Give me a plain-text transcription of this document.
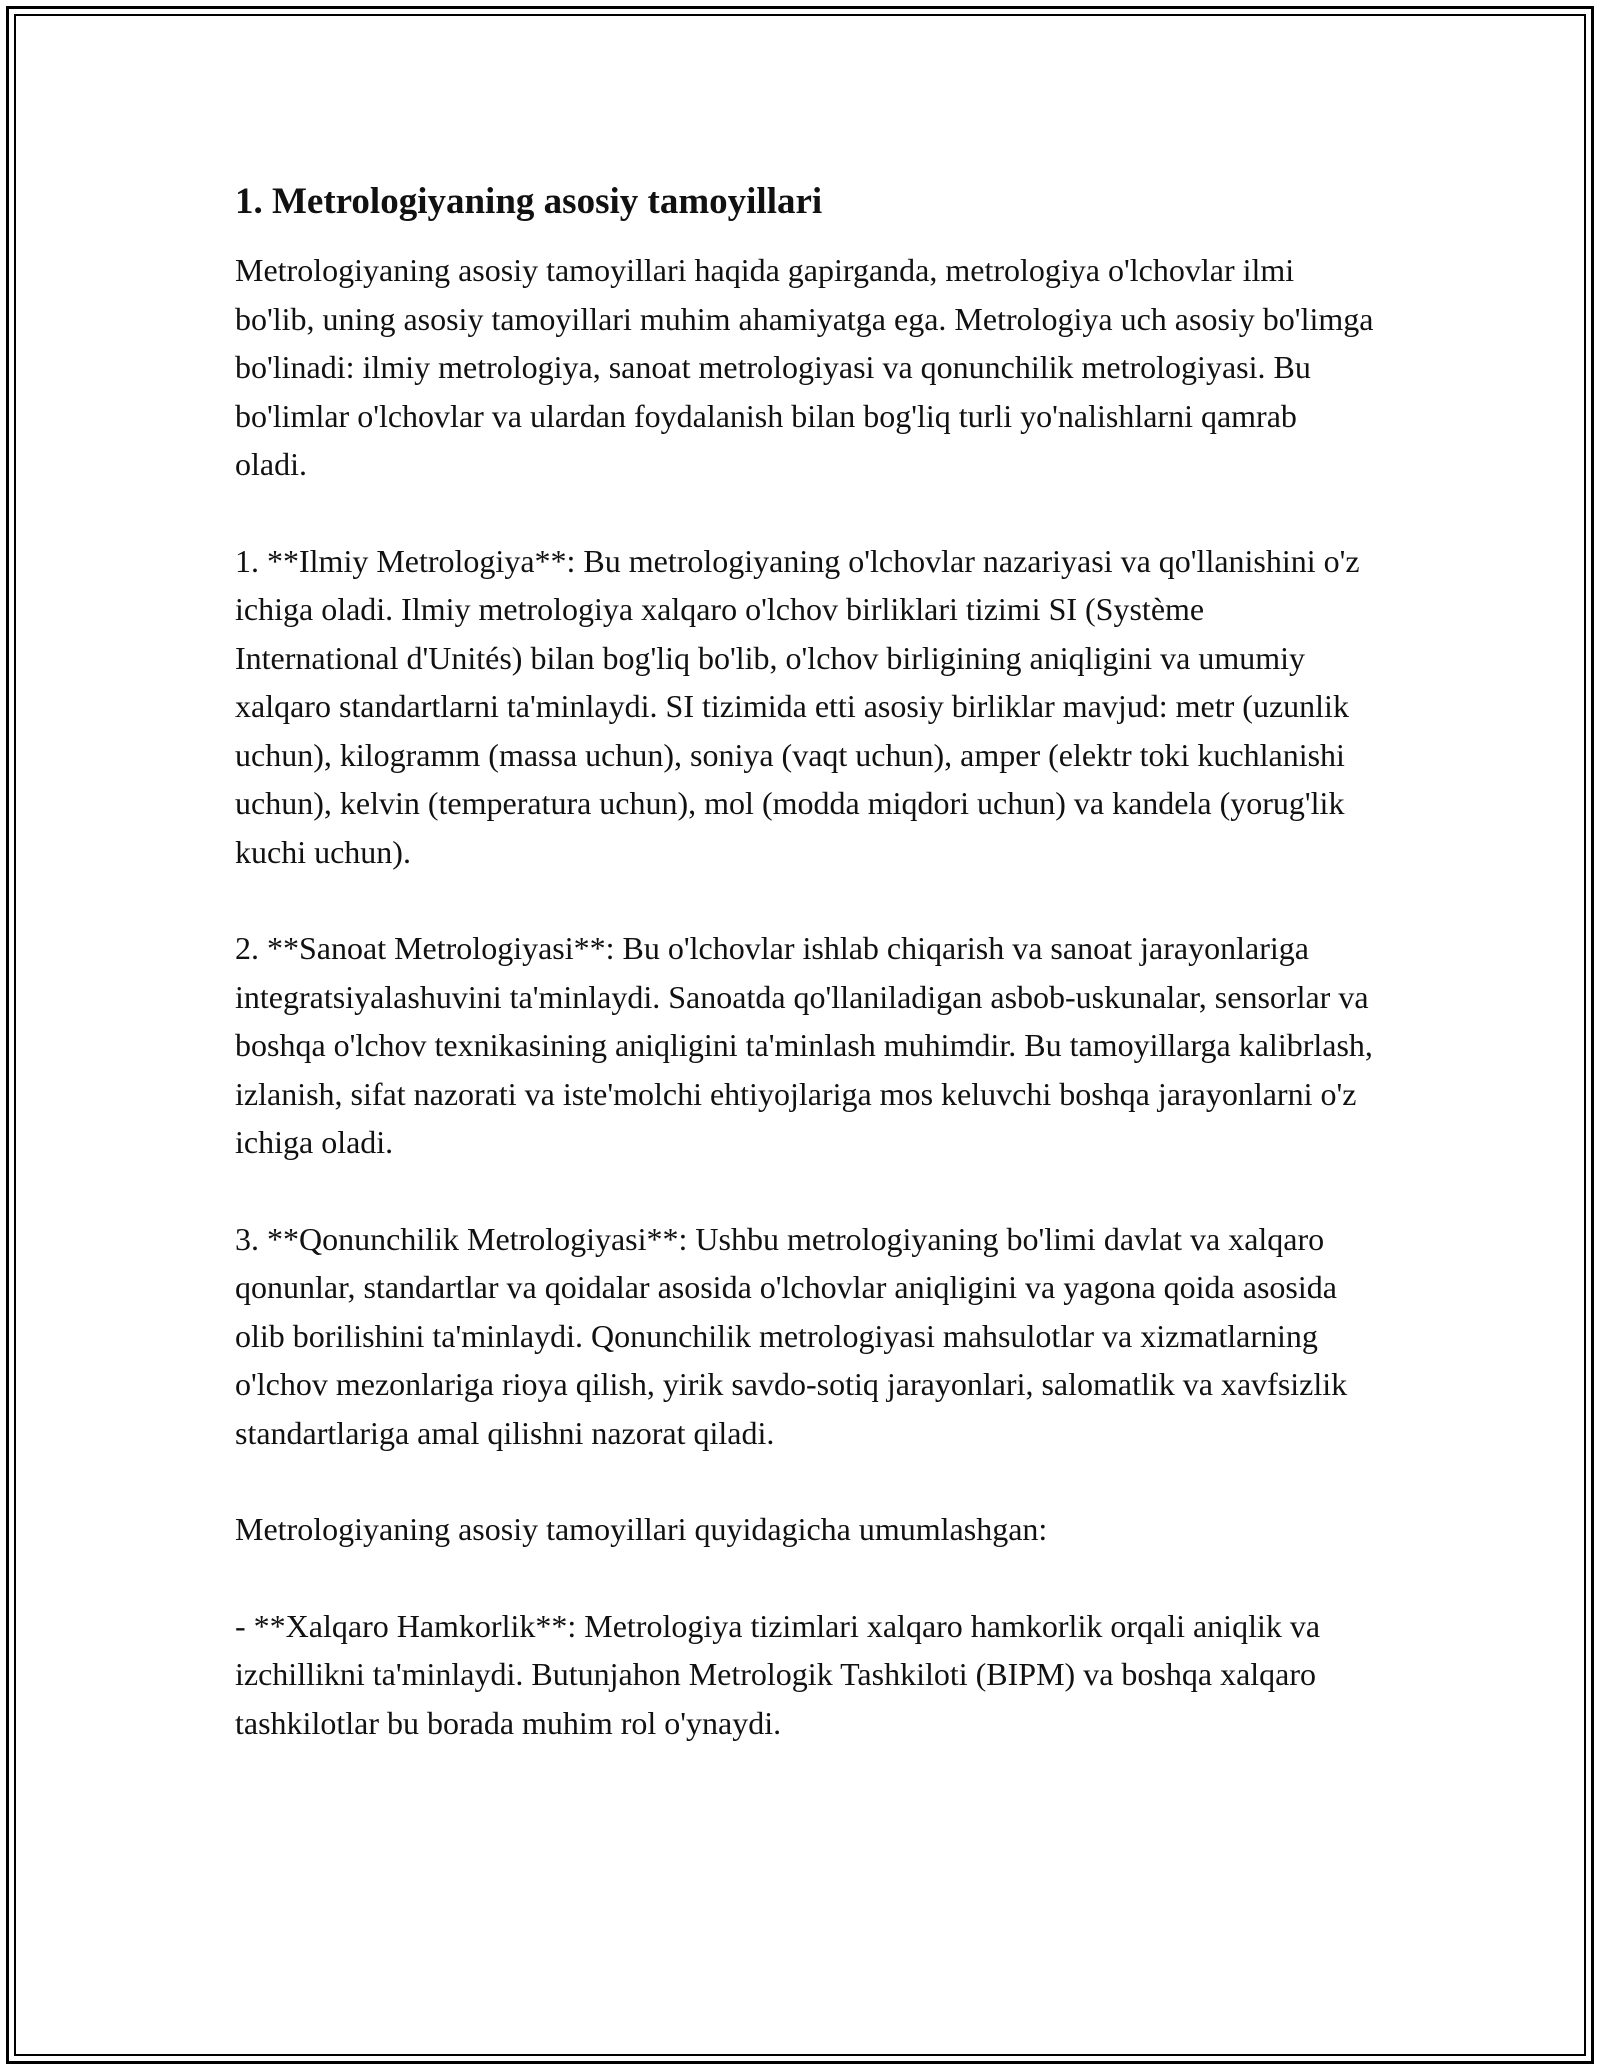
1. Metrologiyaning asosiy tamoyillari

Metrologiyaning asosiy tamoyillari haqida gapirganda, metrologiya o'lchovlar ilmi bo'lib, uning asosiy tamoyillari muhim ahamiyatga ega. Metrologiya uch asosiy bo'limga bo'linadi: ilmiy metrologiya, sanoat metrologiyasi va qonunchilik metrologiyasi. Bu bo'limlar o'lchovlar va ulardan foydalanish bilan bog'liq turli yo'nalishlarni qamrab oladi.

1. **Ilmiy Metrologiya**: Bu metrologiyaning o'lchovlar nazariyasi va qo'llanishini o'z ichiga oladi. Ilmiy metrologiya xalqaro o'lchov birliklari tizimi SI (Système International d'Unités) bilan bog'liq bo'lib, o'lchov birligining aniqligini va umumiy xalqaro standartlarni ta'minlaydi. SI tizimida etti asosiy birliklar mavjud: metr (uzunlik uchun), kilogramm (massa uchun), soniya (vaqt uchun), amper (elektr toki kuchlanishi uchun), kelvin (temperatura uchun), mol (modda miqdori uchun) va kandela (yorug'lik kuchi uchun).

2. **Sanoat Metrologiyasi**: Bu o'lchovlar ishlab chiqarish va sanoat jarayonlariga integratsiyalashuvini ta'minlaydi. Sanoatda qo'llaniladigan asbob-uskunalar, sensorlar va boshqa o'lchov texnikasining aniqligini ta'minlash muhimdir. Bu tamoyillarga kalibrlash, izlanish, sifat nazorati va iste'molchi ehtiyojlariga mos keluvchi boshqa jarayonlarni o'z ichiga oladi.

3. **Qonunchilik Metrologiyasi**: Ushbu metrologiyaning bo'limi davlat va xalqaro qonunlar, standartlar va qoidalar asosida o'lchovlar aniqligini va yagona qoida asosida olib borilishini ta'minlaydi. Qonunchilik metrologiyasi mahsulotlar va xizmatlarning o'lchov mezonlariga rioya qilish, yirik savdo-sotiq jarayonlari, salomatlik va xavfsizlik standartlariga amal qilishni nazorat qiladi.

Metrologiyaning asosiy tamoyillari quyidagicha umumlashgan:

- **Xalqaro Hamkorlik**: Metrologiya tizimlari xalqaro hamkorlik orqali aniqlik va izchillikni ta'minlaydi. Butunjahon Metrologik Tashkiloti (BIPM) va boshqa xalqaro tashkilotlar bu borada muhim rol o'ynaydi.
